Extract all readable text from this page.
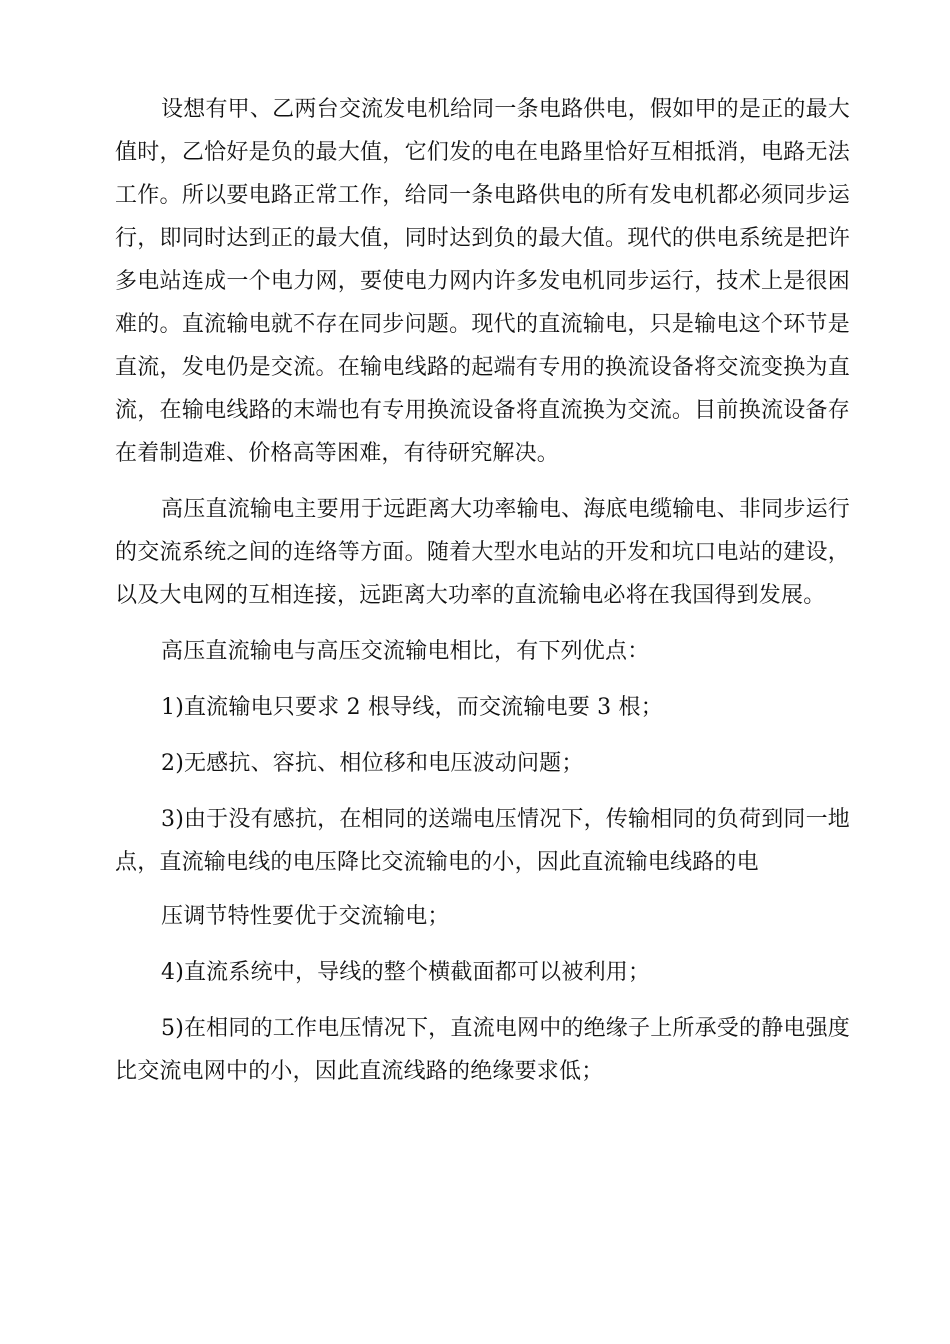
设想有甲、乙两台交流发电机给同一条电路供电，假如甲的是正的最大值时，乙恰好是负的最大值，它们发的电在电路里恰好互相抵消，电路无法工作。所以要电路正常工作，给同一条电路供电的所有发电机都必须同步运行，即同时达到正的最大值，同时达到负的最大值。现代的供电系统是把许多电站连成一个电力网，要使电力网内许多发电机同步运行，技术上是很困难的。直流输电就不存在同步问题。现代的直流输电，只是输电这个环节是直流，发电仍是交流。在输电线路的起端有专用的换流设备将交流变换为直流，在输电线路的末端也有专用换流设备将直流换为交流。目前换流设备存在着制造难、价格高等困难，有待研究解决。

高压直流输电主要用于远距离大功率输电、海底电缆输电、非同步运行的交流系统之间的连络等方面。随着大型水电站的开发和坑口电站的建设，以及大电网的互相连接，远距离大功率的直流输电必将在我国得到发展。

高压直流输电与高压交流输电相比，有下列优点：

1)直流输电只要求 2 根导线，而交流输电要 3 根；

2)无感抗、容抗、相位移和电压波动问题；

3)由于没有感抗，在相同的送端电压情况下，传输相同的负荷到同一地点，直流输电线的电压降比交流输电的小，因此直流输电线路的电

压调节特性要优于交流输电；

4)直流系统中，导线的整个横截面都可以被利用；

5)在相同的工作电压情况下，直流电网中的绝缘子上所承受的静电强度比交流电网中的小，因此直流线路的绝缘要求低；
